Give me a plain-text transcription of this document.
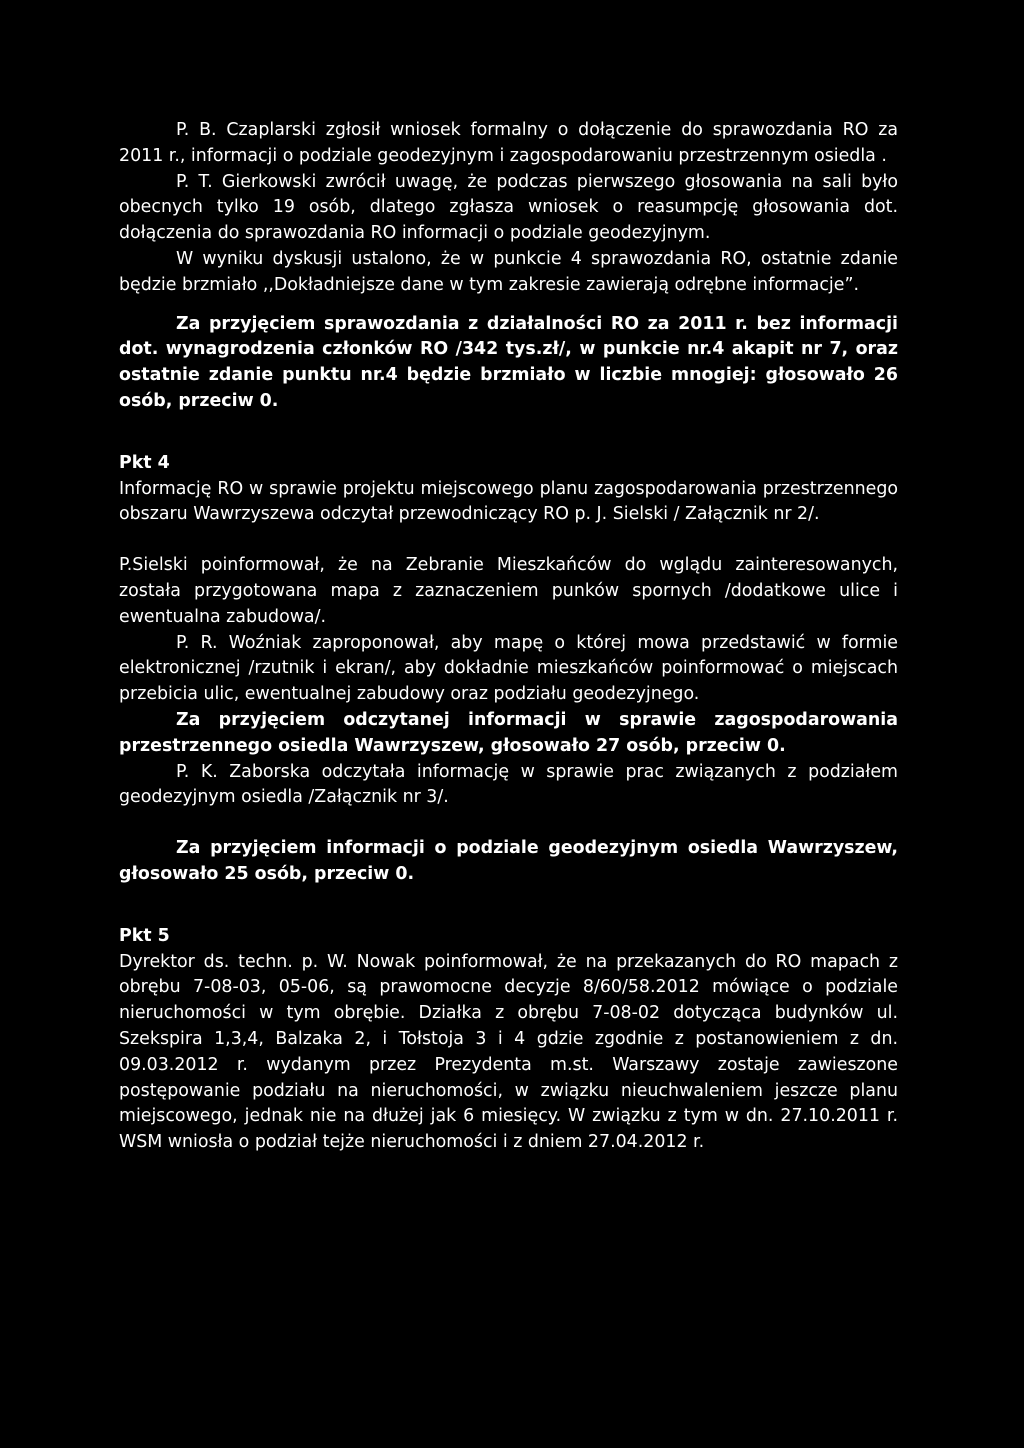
P. B. Czaplarski zgłosił wniosek formalny o dołączenie do sprawozdania RO za 2011 r., informacji o podziale geodezyjnym i zagospodarowaniu przestrzennym osiedla .

P. T. Gierkowski zwrócił uwagę, że podczas pierwszego głosowania na sali było obecnych tylko 19 osób, dlatego zgłasza wniosek o reasumpcję głosowania dot. dołączenia do sprawozdania RO informacji o podziale geodezyjnym.

W wyniku dyskusji ustalono, że w punkcie 4 sprawozdania RO, ostatnie zdanie będzie brzmiało ,,Dokładniejsze dane w tym zakresie zawierają odrębne informacje”.

Za przyjęciem sprawozdania z działalności RO za 2011 r. bez informacji dot. wynagrodzenia członków RO /342 tys.zł/, w punkcie nr.4 akapit nr 7, oraz ostatnie zdanie punktu nr.4 będzie brzmiało w liczbie mnogiej: głosowało 26 osób, przeciw 0.

Pkt 4

Informację RO w sprawie projektu miejscowego planu zagospodarowania przestrzennego obszaru Wawrzyszewa odczytał przewodniczący RO p. J. Sielski / Załącznik nr 2/.

P.Sielski poinformował, że na Zebranie Mieszkańców do wglądu zainteresowanych, została przygotowana mapa z zaznaczeniem punków spornych /dodatkowe ulice i ewentualna zabudowa/.

P. R. Woźniak zaproponował, aby mapę o której mowa przedstawić w formie elektronicznej /rzutnik i ekran/, aby dokładnie mieszkańców poinformować o miejscach przebicia ulic, ewentualnej zabudowy oraz podziału geodezyjnego.

Za przyjęciem odczytanej informacji w sprawie zagospodarowania przestrzennego osiedla Wawrzyszew, głosowało 27 osób, przeciw 0.

P. K. Zaborska odczytała informację w sprawie prac związanych z podziałem geodezyjnym osiedla /Załącznik nr 3/.

Za przyjęciem informacji o podziale geodezyjnym osiedla Wawrzyszew, głosowało 25 osób, przeciw 0.

Pkt 5

Dyrektor ds. techn. p. W. Nowak poinformował, że na przekazanych do RO mapach z obrębu 7-08-03, 05-06, są prawomocne decyzje 8/60/58.2012 mówiące o podziale nieruchomości w tym obrębie. Działka z obrębu 7-08-02 dotycząca budynków ul. Szekspira 1,3,4, Balzaka 2, i Tołstoja 3 i 4 gdzie zgodnie z postanowieniem z dn. 09.03.2012 r. wydanym przez Prezydenta m.st. Warszawy zostaje zawieszone postępowanie podziału na nieruchomości, w związku nieuchwaleniem jeszcze planu miejscowego, jednak nie na dłużej jak 6 miesięcy. W związku z tym w dn. 27.10.2011 r. WSM wniosła o podział tejże nieruchomości i z dniem 27.04.2012 r.
